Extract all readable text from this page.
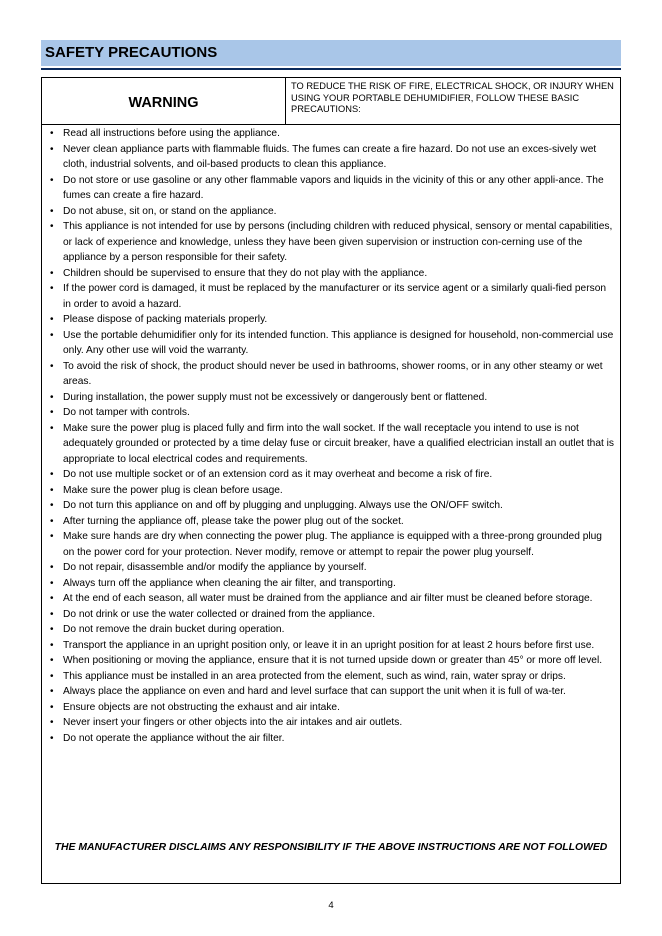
SAFETY PRECAUTIONS
WARNING
TO REDUCE THE RISK OF FIRE, ELECTRICAL SHOCK, OR INJURY WHEN USING YOUR PORTABLE DEHUMIDIFIER, FOLLOW THESE BASIC PRECAUTIONS:
• Read all instructions before using the appliance.
• Never clean appliance parts with flammable fluids. The fumes can create a fire hazard. Do not use an exces-sively wet cloth, industrial solvents, and oil-based products to clean this appliance.
• Do not store or use gasoline or any other flammable vapors and liquids in the vicinity of this or any other appli-ance. The fumes can create a fire hazard.
• Do not abuse, sit on, or stand on the appliance.
• This appliance is not intended for use by persons (including children with reduced physical, sensory or mental capabilities, or lack of experience and knowledge, unless they have been given supervision or instruction con-cerning use of the appliance by a person responsible for their safety.
• Children should be supervised to ensure that they do not play with the appliance.
• If the power cord is damaged, it must be replaced by the manufacturer or its service agent or a similarly quali-fied person in order to avoid a hazard.
• Please dispose of packing materials properly.
• Use the portable dehumidifier only for its intended function. This appliance is designed for household, non-commercial use only. Any other use will void the warranty.
• To avoid the risk of shock, the product should never be used in bathrooms, shower rooms, or in any other steamy or wet areas.
• During installation, the power supply must not be excessively or dangerously bent or flattened.
• Do not tamper with controls.
• Make sure the power plug is placed fully and firm into the wall socket. If the wall receptacle you intend to use is not adequately grounded or protected by a time delay fuse or circuit breaker, have a qualified electrician install an outlet that is appropriate to local electrical codes and requirements.
• Do not use multiple socket or of an extension cord as it may overheat and become a risk of fire.
• Make sure the power plug is clean before usage.
• Do not turn this appliance on and off by plugging and unplugging. Always use the ON/OFF switch.
• After turning the appliance off, please take the power plug out of the socket.
• Make sure hands are dry when connecting the power plug. The appliance is equipped with a three-prong grounded plug on the power cord for your protection. Never modify, remove or attempt to repair the power plug yourself.
• Do not repair, disassemble and/or modify the appliance by yourself.
• Always turn off the appliance when cleaning the air filter, and transporting.
• At the end of each season, all water must be drained from the appliance and air filter must be cleaned before storage.
• Do not drink or use the water collected or drained from the appliance.
• Do not remove the drain bucket during operation.
• Transport the appliance in an upright position only, or leave it in an upright position for at least 2 hours before first use.
• When positioning or moving the appliance, ensure that it is not turned upside down or greater than 45° or more off level.
• This appliance must be installed in an area protected from the element, such as wind, rain, water spray or drips.
• Always place the appliance on even and hard and level surface that can support the unit when it is full of wa-ter.
• Ensure objects are not obstructing the exhaust and air intake.
• Never insert your fingers or other objects into the air intakes and air outlets.
• Do not operate the appliance without the air filter.
THE MANUFACTURER DISCLAIMS ANY RESPONSIBILITY IF THE ABOVE INSTRUCTIONS ARE NOT FOLLOWED
4
